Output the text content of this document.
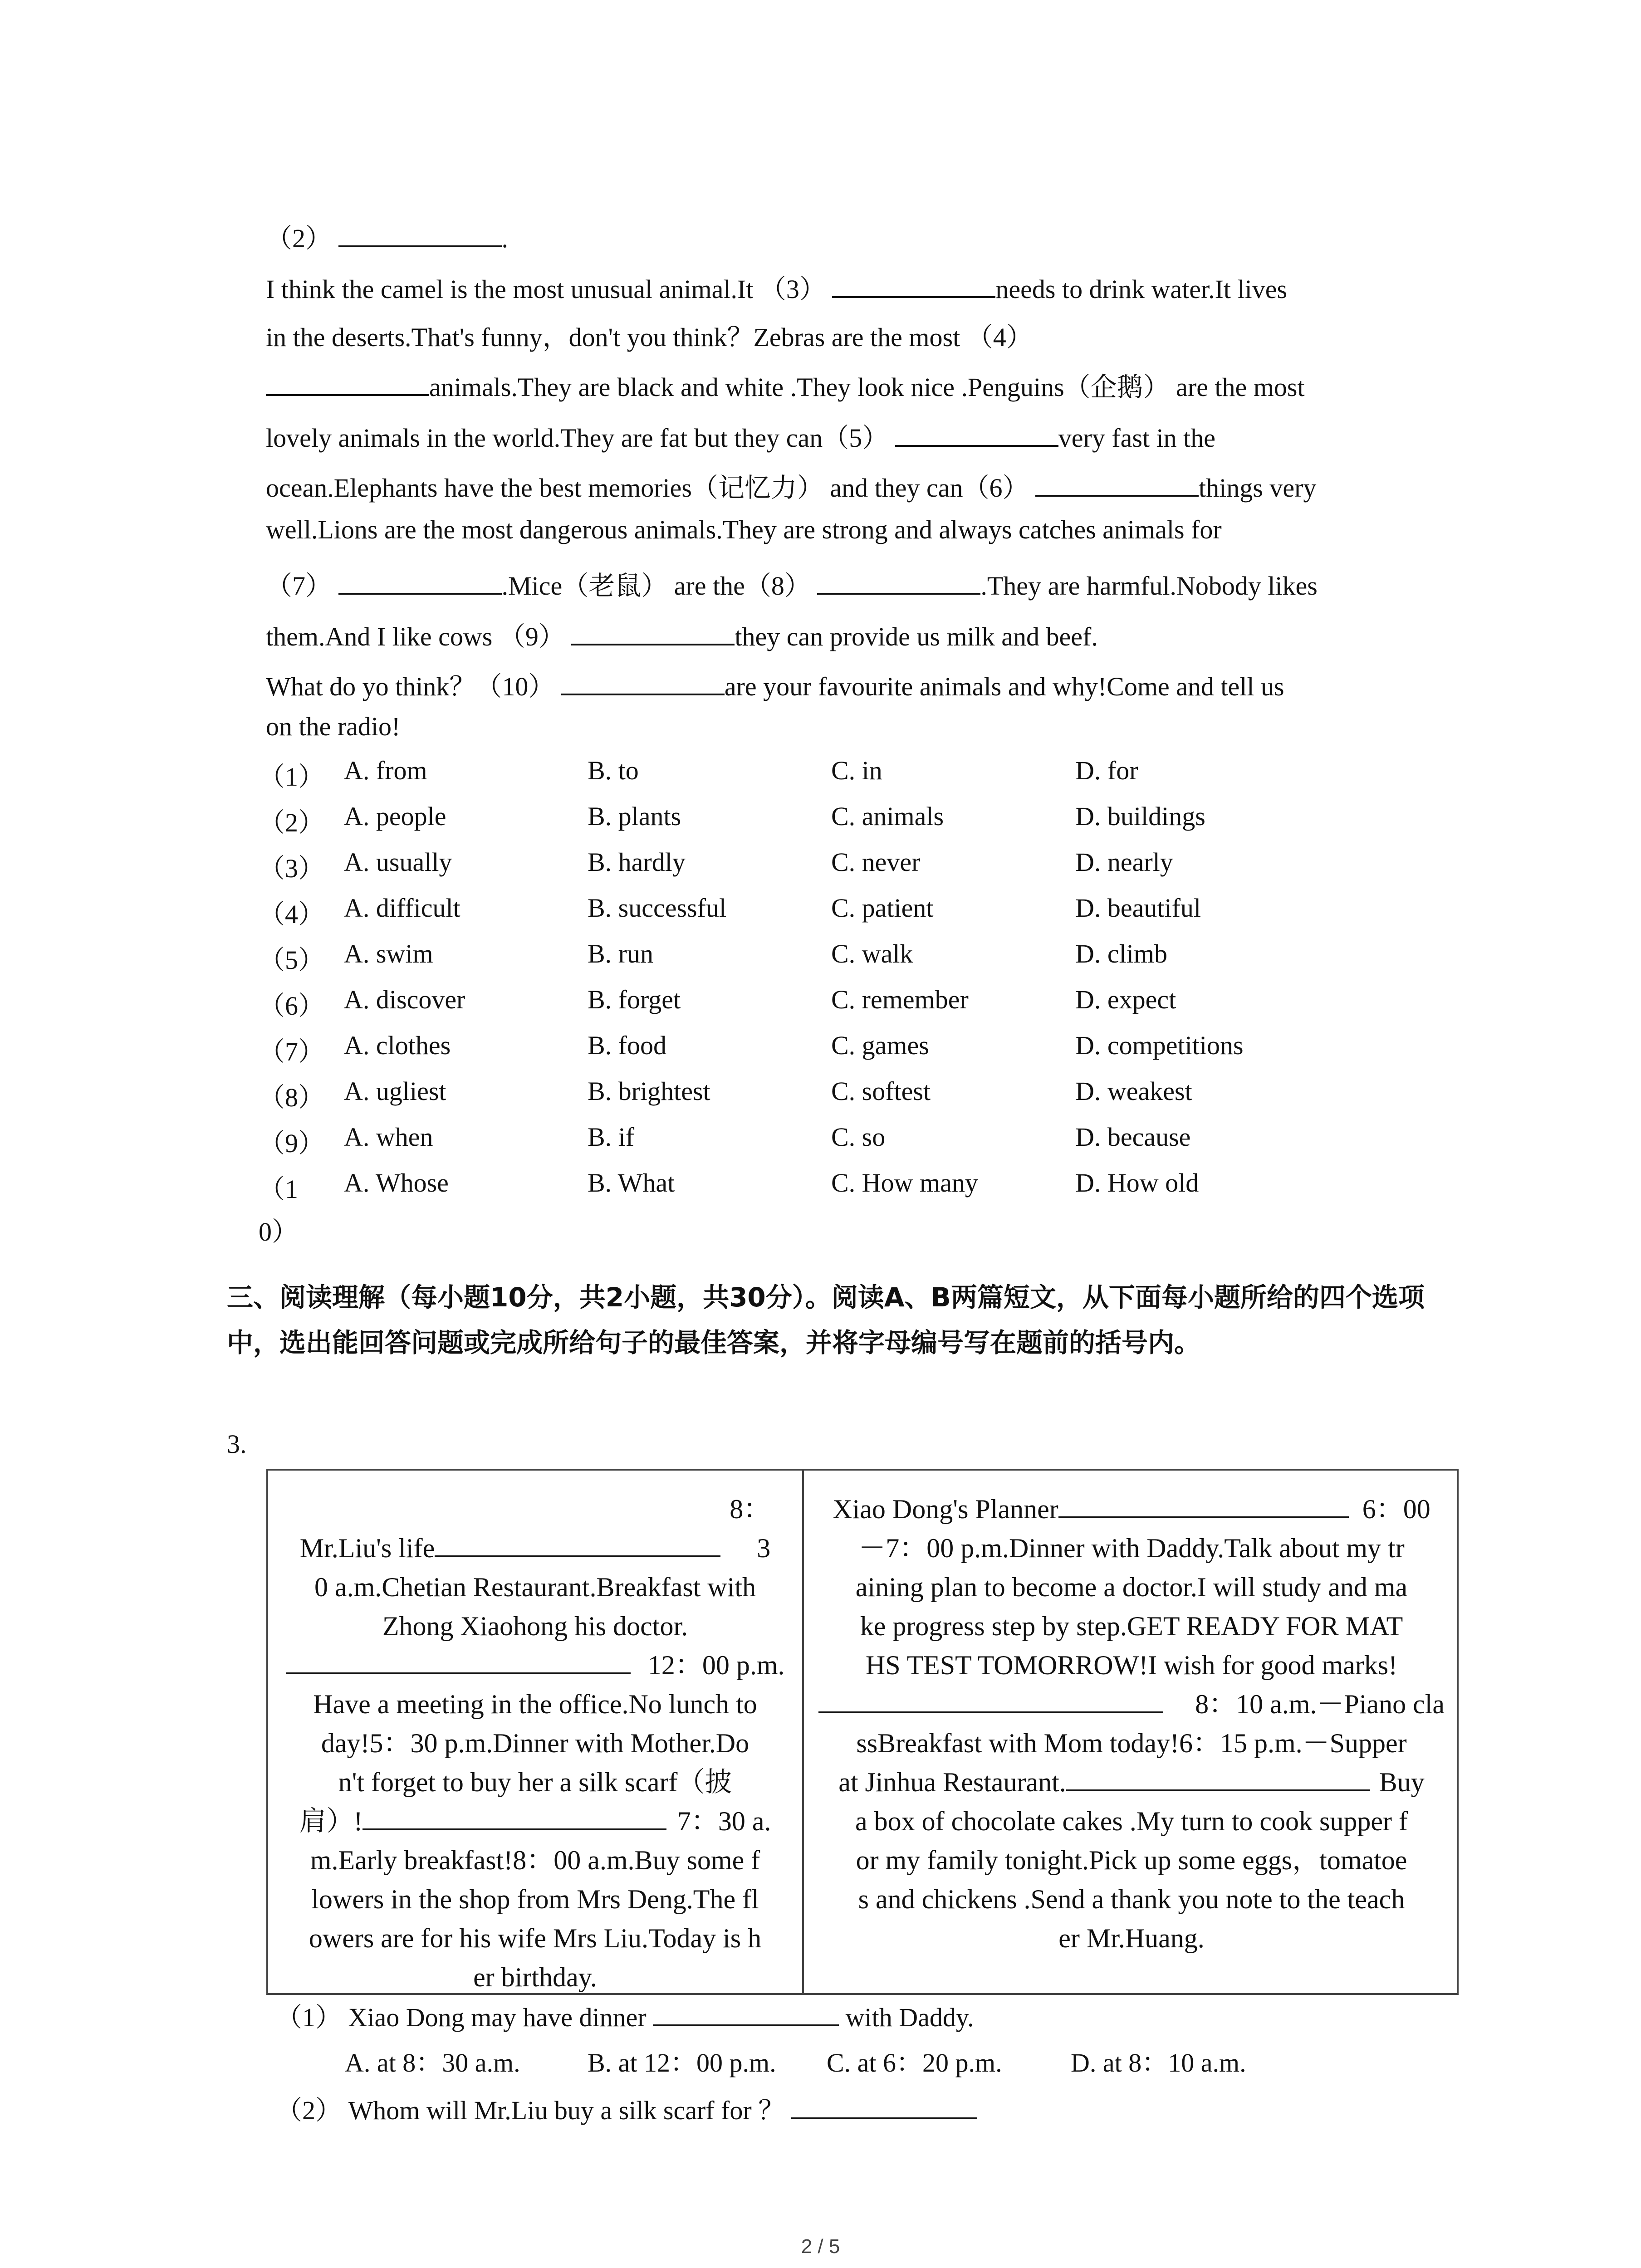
（2）	.
I think the camel is the most unusual animal.It （3）	needs to drink water.It lives
in the deserts.That's funny，don't you think？Zebras are the most （4）
animals.They are black and white .They look nice .Penguins（企鹅） are the most
lovely animals in the world.They are fat but they can（5）	very fast in the
ocean.Elephants have the best memories（记忆力） and they can（6）	things very
well.Lions are the most dangerous animals.They are strong and always catches animals for
（7）	.Mice（老鼠） are the（8）	.They are harmful.Nobody likes
them.And I like cows （9）	they can provide us milk and beef.
What do yo think？（10）	are your favourite animals and why!Come and tell us
on the radio!
（1） A. from	B. to	C. in	D. for
（2） A. people	B. plants	C. animals	D. buildings
（3） A. usually	B. hardly	C. never	D. nearly
（4） A. difficult	B. successful	C. patient	D. beautiful
（5） A. swim	B. run	C. walk	D. climb
（6） A. discover	B. forget	C. remember	D. expect
（7） A. clothes	B. food	C. games	D. competitions
（8） A. ugliest	B. brightest	C. softest	D. weakest
（9） A. when	B. if	C. so	D. because
（1
0）
A. Whose	B. What	C. How many	D. How old
三、阅读理解（每小题10分，共2小题，共30分）。阅读A、B两篇短文，从下面每小题所给的四个选项中，选出能回答问题或完成所给句子的最佳答案，并将字母编号写在题前的括号内。
3.
Mr.Liu's life8：3
0 a.m.Chetian Restaurant.Breakfast with
Zhong Xiaohong his doctor.
12：00 p.m.
Have a meeting in the office.No lunch to
day!5：30 p.m.Dinner with Mother.Do
n't forget to buy her a silk scarf（披
肩）!	7：30 a.
m.Early breakfast!8：00 a.m.Buy some f
lowers in the shop from Mrs Deng.The fl
owers are for his wife Mrs Liu.Today is h
er birthday.
Xiao Dong's Planner	6：00
－7：00 p.m.Dinner with Daddy.Talk about my tr
aining plan to become a doctor.I will study and ma
ke progress step by step.GET READY FOR MAT
HS TEST TOMORROW!I wish for good marks!
8：10 a.m.－Piano cla
ssBreakfast with Mom today!6：15 p.m.－Supper
at Jinhua Restaurant.	Buy
a box of chocolate cakes .My turn to cook supper f
or my family tonight.Pick up some eggs，tomatoe
s and chickens .Send a thank you note to the teach
er Mr.Huang.
（1） Xiao Dong may have dinner	with Daddy.
A. at 8：30 a.m.	B. at 12：00 p.m. C. at 6：20 p.m.	D. at 8：10 a.m.
（2） Whom will Mr.Liu buy a silk scarf for ？
2 / 5
